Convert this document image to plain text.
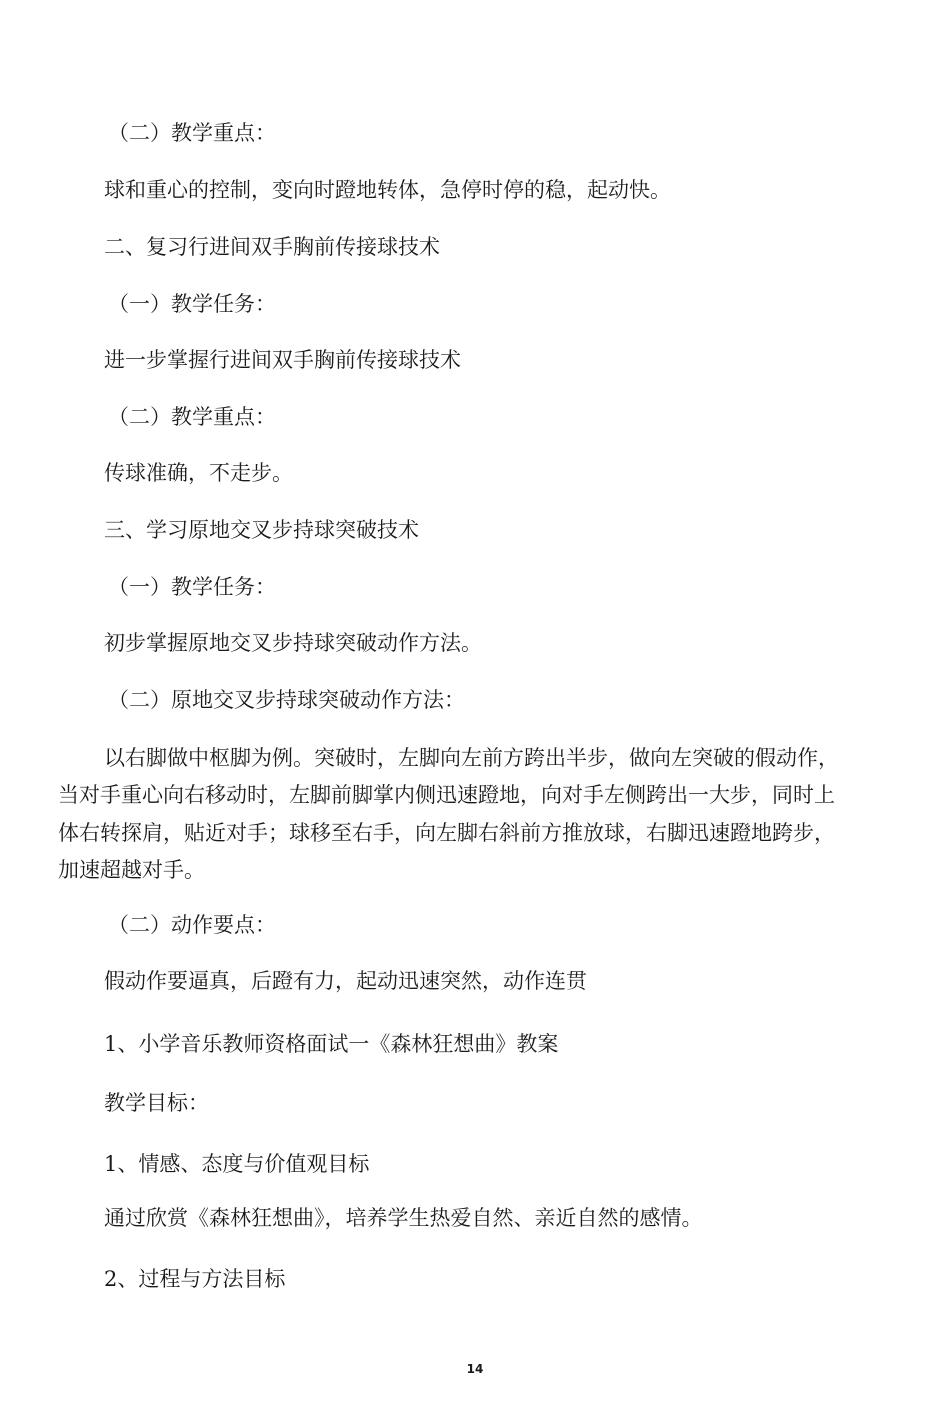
（二）教学重点：
球和重心的控制，变向时蹬地转体，急停时停的稳，起动快。
二、复习行进间双手胸前传接球技术
（一）教学任务：
进一步掌握行进间双手胸前传接球技术
（二）教学重点：
传球准确，不走步。
三、学习原地交叉步持球突破技术
（一）教学任务：
初步掌握原地交叉步持球突破动作方法。
（二）原地交叉步持球突破动作方法：
以右脚做中枢脚为例。突破时，左脚向左前方跨出半步，做向左突破的假动作，
当对手重心向右移动时，左脚前脚掌内侧迅速蹬地，向对手左侧跨出一大步，同时上
体右转探肩，贴近对手；球移至右手，向左脚右斜前方推放球，右脚迅速蹬地跨步，
加速超越对手。
（二）动作要点：
假动作要逼真，后蹬有力，起动迅速突然，动作连贯
1、小学音乐教师资格面试一《森林狂想曲》教案
教学目标：
1、情感、态度与价值观目标
通过欣赏《森林狂想曲》，培养学生热爱自然、亲近自然的感情。
2、过程与方法目标
14
